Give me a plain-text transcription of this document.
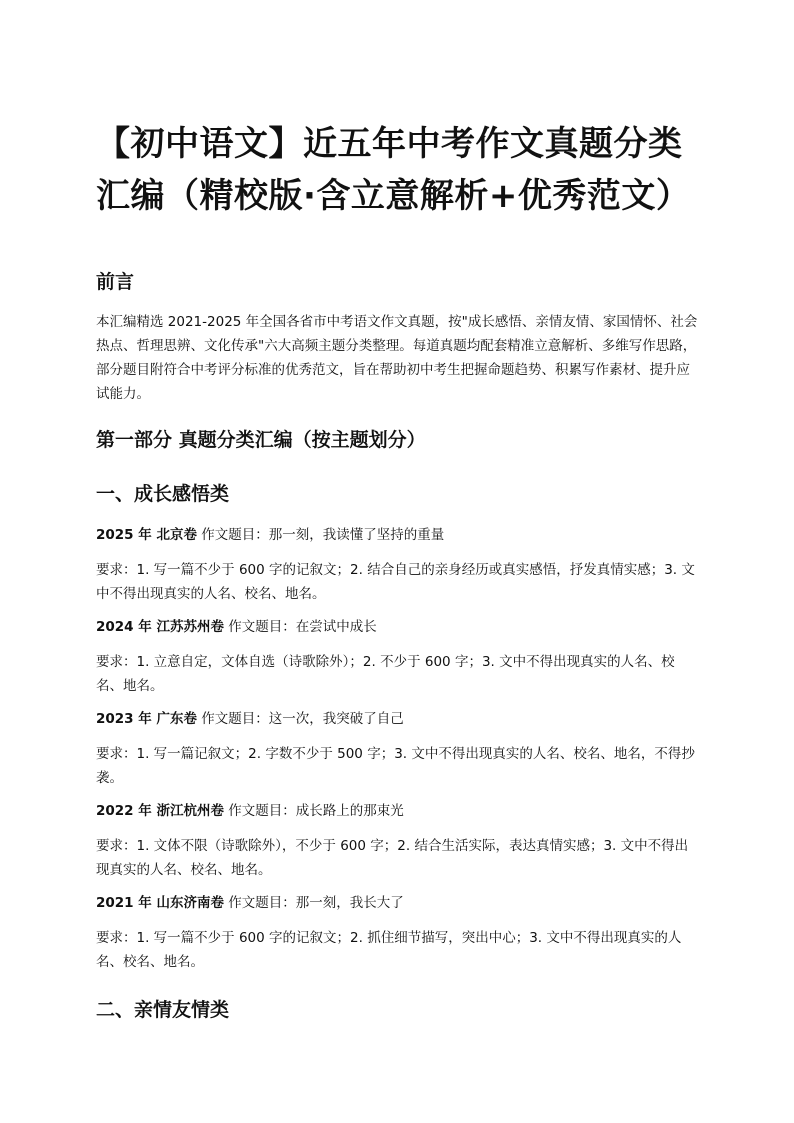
【初中语文】近五年中考作文真题分类汇编（精校版·含立意解析+优秀范文）
前言

本汇编精选 2021-2025 年全国各省市中考语文作文真题，按"成长感悟、亲情友情、家国情怀、社会热点、哲理思辨、文化传承"六大高频主题分类整理。每道真题均配套精准立意解析、多维写作思路，部分题目附符合中考评分标准的优秀范文，旨在帮助初中考生把握命题趋势、积累写作素材、提升应试能力。

第一部分 真题分类汇编（按主题划分）
一、成长感悟类

2025 年 北京卷 作文题目：那一刻，我读懂了坚持的重量

要求：1. 写一篇不少于 600 字的记叙文；2. 结合自己的亲身经历或真实感悟，抒发真情实感；3. 文中不得出现真实的人名、校名、地名。

2024 年 江苏苏州卷 作文题目：在尝试中成长

要求：1. 立意自定，文体自选（诗歌除外）；2. 不少于 600 字；3. 文中不得出现真实的人名、校名、地名。

2023 年 广东卷 作文题目：这一次，我突破了自己

要求：1. 写一篇记叙文；2. 字数不少于 500 字；3. 文中不得出现真实的人名、校名、地名，不得抄袭。

2022 年 浙江杭州卷 作文题目：成长路上的那束光

要求：1. 文体不限（诗歌除外），不少于 600 字；2. 结合生活实际，表达真情实感；3. 文中不得出现真实的人名、校名、地名。

2021 年 山东济南卷 作文题目：那一刻，我长大了

要求：1. 写一篇不少于 600 字的记叙文；2. 抓住细节描写，突出中心；3. 文中不得出现真实的人名、校名、地名。

二、亲情友情类
